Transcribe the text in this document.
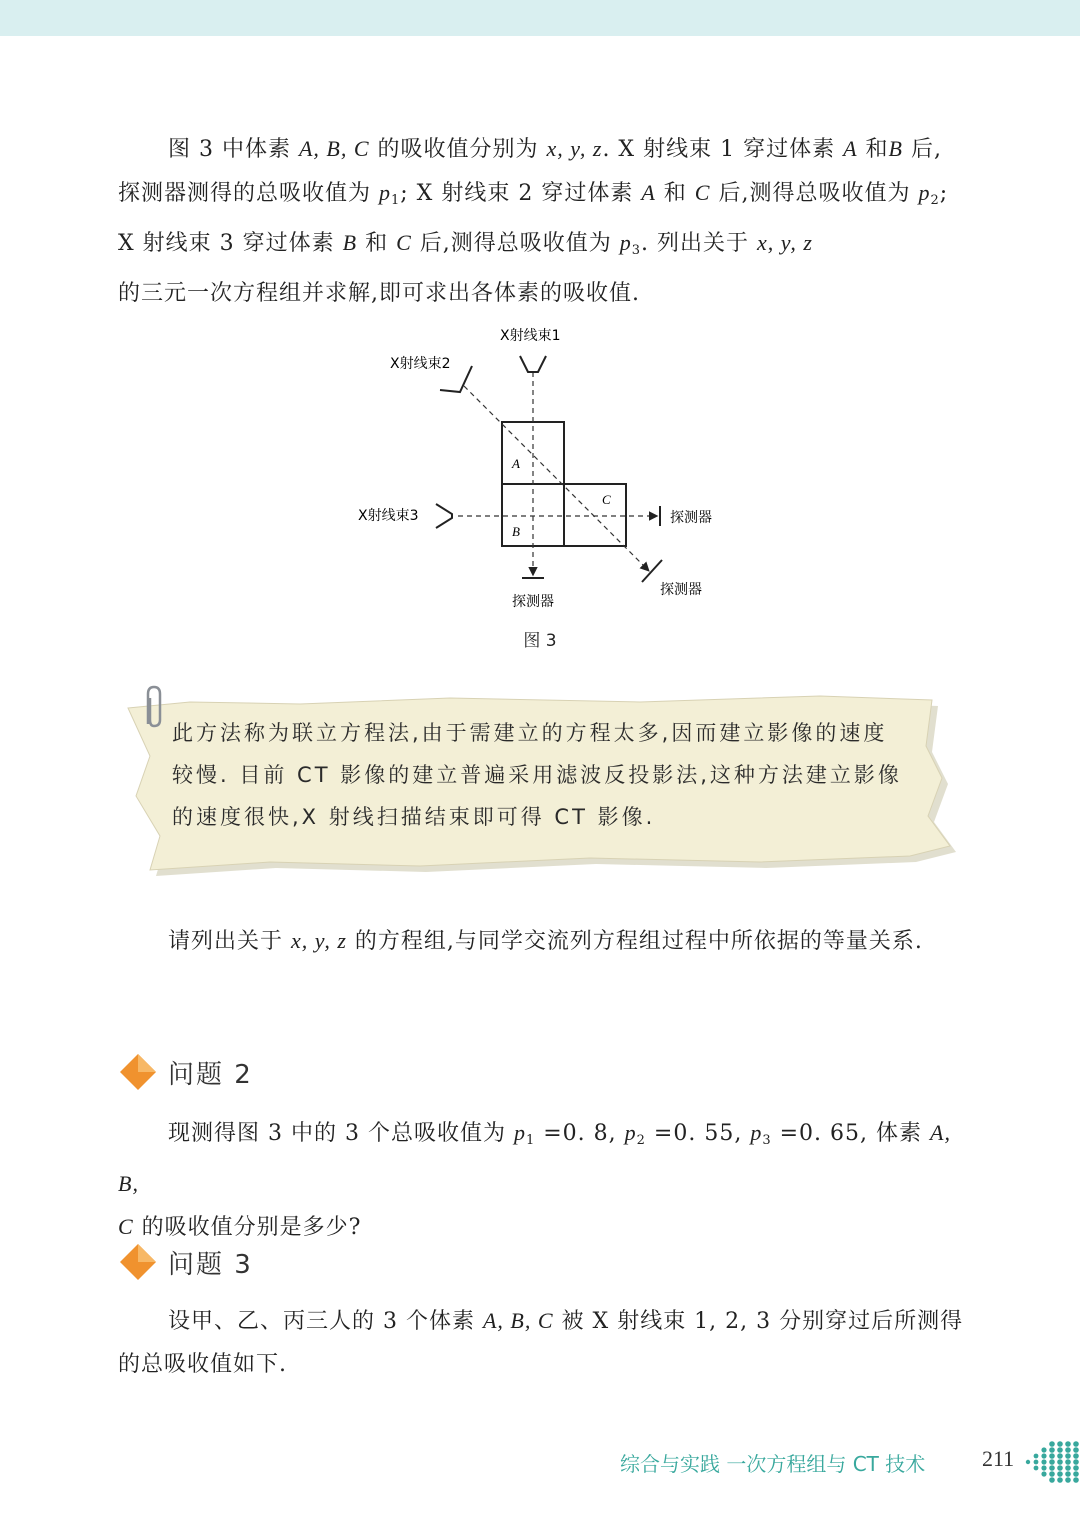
图 3 中体素 A, B, C 的吸收值分别为 x, y, z. X 射线束 1 穿过体素 A 和B 后,探测器测得的总吸收值为 $p_1$; X 射线束 2 穿过体素 A 和 C 后,测得总吸收值为 $p_2$; X 射线束 3 穿过体素 B 和 C 后,测得总吸收值为 $p_3$. 列出关于 x, y, z
的三元一次方程组并求解,即可求出各体素的吸收值.

A
B
C
X射线束1
探测器
X射线束2
探测器
X射线束3	探测器
图 3
此方法称为联立方程法,由于需建立的方程太多,因而建立影像的速度较慢. 目前 CT 影像的建立普遍采用滤波反投影法,这种方法建立影像的速度很快,X 射线扫描结束即可得 CT 影像.

请列出关于 x, y, z 的方程组,与同学交流列方程组过程中所依据的等量关系.

问题 2

现测得图 3 中的 3 个总吸收值为 $p_1 =0$. 8, $p_2 =0$. 55, $p_3 =0$. 65, 体素 A, B,
C 的吸收值分别是多少?

问题 3

设甲、乙、丙三人的 3 个体素 A, B, C 被 X 射线束 1, 2, 3 分别穿过后所测得的总吸收值如下.

综合与实践 一次方程组与 CT 技术	211
